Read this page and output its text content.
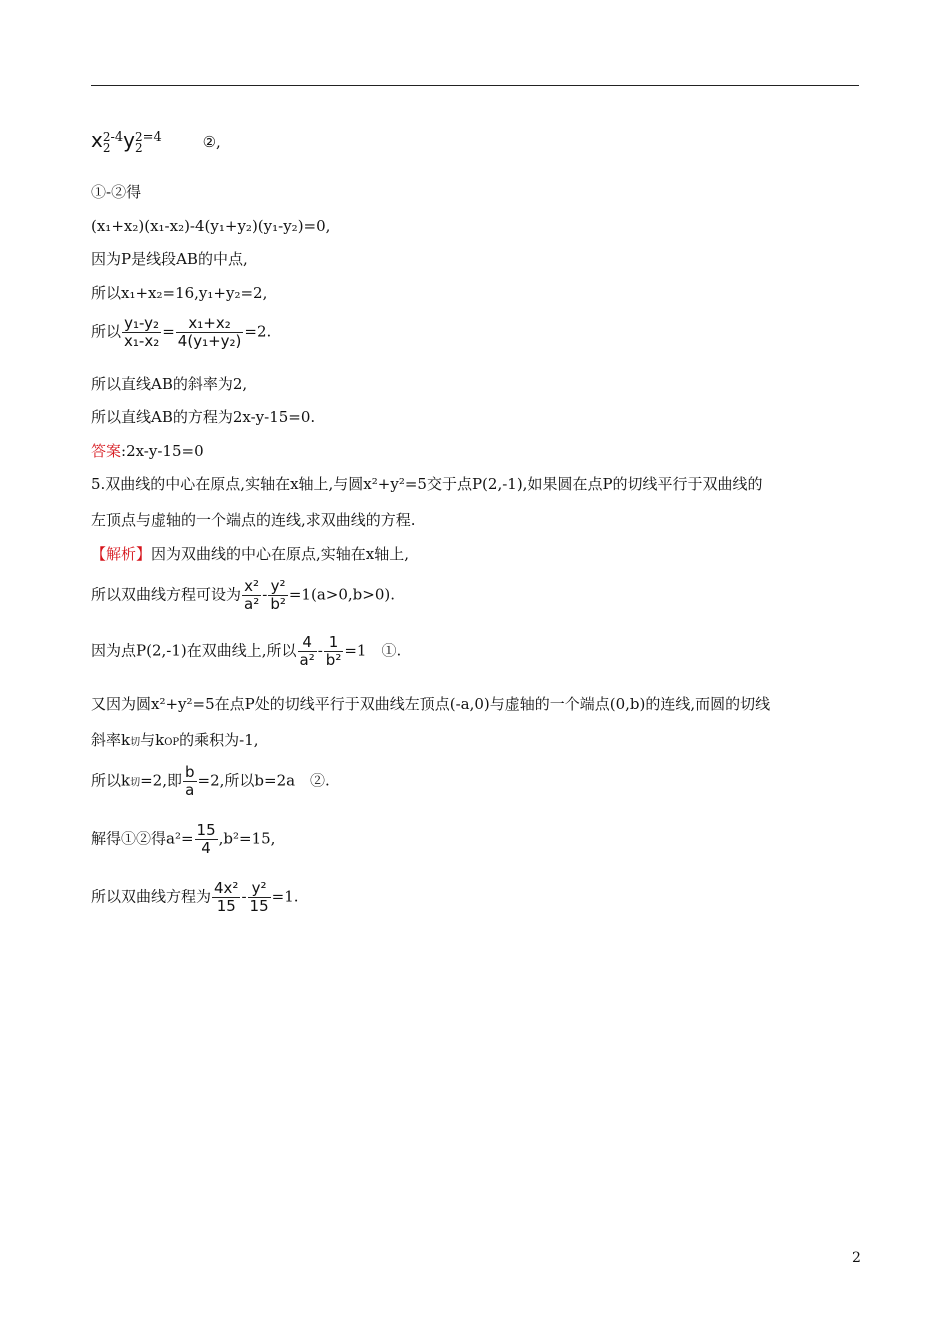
x 2
2
-4y 2
2
=4	②,
①-②得
(x₁+x₂)(x₁-x₂)-4(y₁+y₂)(y₁-y₂)=0,
因为P是线段AB的中点,
所以x₁+x₂=16,y₁+y₂=2,
所以 $\frac{\text{y₁-y₂}}{\text{x₁-x₂}} = \frac{\text{x₁+x₂}}{\text{4(y₁+y₂)}} =2$.
所以直线AB的斜率为2,
所以直线AB的方程为2x-y-15=0.
答案:2x-y-15=0
5.双曲线的中心在原点,实轴在x轴上,与圆x²+y²=5交于点P(2,-1),如果圆在点P的切线平行于双曲线的
左顶点与虚轴的一个端点的连线,求双曲线的方程.
【解析】因为双曲线的中心在原点,实轴在x轴上,
所以双曲线方程可设为 $\frac{\text{x²}}{\text{a²}} - \frac{\text{y²}}{\text{b²}} =1(a>0,b>0)$.
因为点P(2,-1)在双曲线上,所以 $\frac{4}{\text{a²}} - \frac{1}{\text{b²}} =1$　①.
又因为圆x²+y²=5在点P处的切线平行于双曲线左顶点(-a,0)与虚轴的一个端点(0,b)的连线,而圆的切线
斜率k切与kOP的乘积为-1,
所以k切=2,即 $\frac{b}{a} =2$,所以b=2a　②.
解得①②得$a^2= \frac{15}{4} ,b^2=15$,
所以双曲线方程为 $\frac{\text{4x²}}{15} - \frac{\text{y²}}{15} =1$.
2
